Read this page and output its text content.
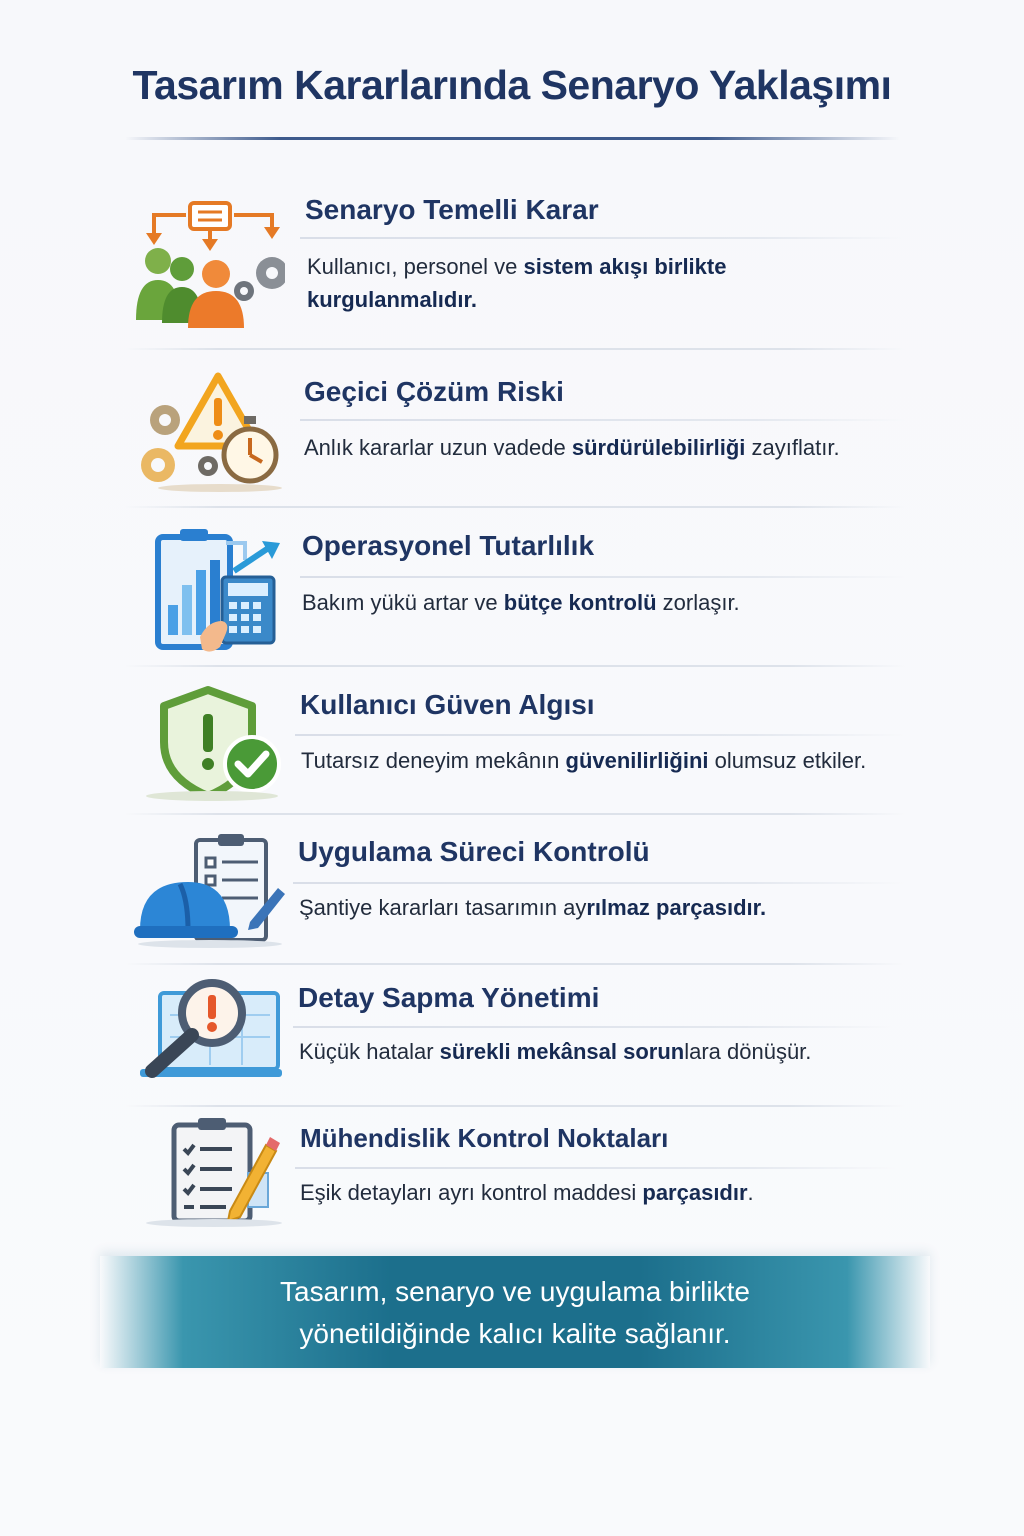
Tasarım Kararlarında Senaryo Yaklaşımı
Senaryo Temelli Karar
Kullanıcı, personel ve sistem akışı birlikte kurgulanmalıdır.
Geçici Çözüm Riski
Anlık kararlar uzun vadede sürdürülebilirliği zayıflatır.
Operasyonel Tutarlılık
Bakım yükü artar ve bütçe kontrolü zorlaşır.
Kullanıcı Güven Algısı
Tutarsız deneyim mekânın güvenilirliğini olumsuz etkiler.
Uygulama Süreci Kontrolü
Şantiye kararları tasarımın ayrılmaz parçasıdır.
Detay Sapma Yönetimi
Küçük hatalar sürekli mekânsal sorunlara dönüşür.
Mühendislik Kontrol Noktaları
Eşik detayları ayrı kontrol maddesi parçasıdır.
Tasarım, senaryo ve uygulama birlikte
yönetildiğinde kalıcı kalite sağlanır.
